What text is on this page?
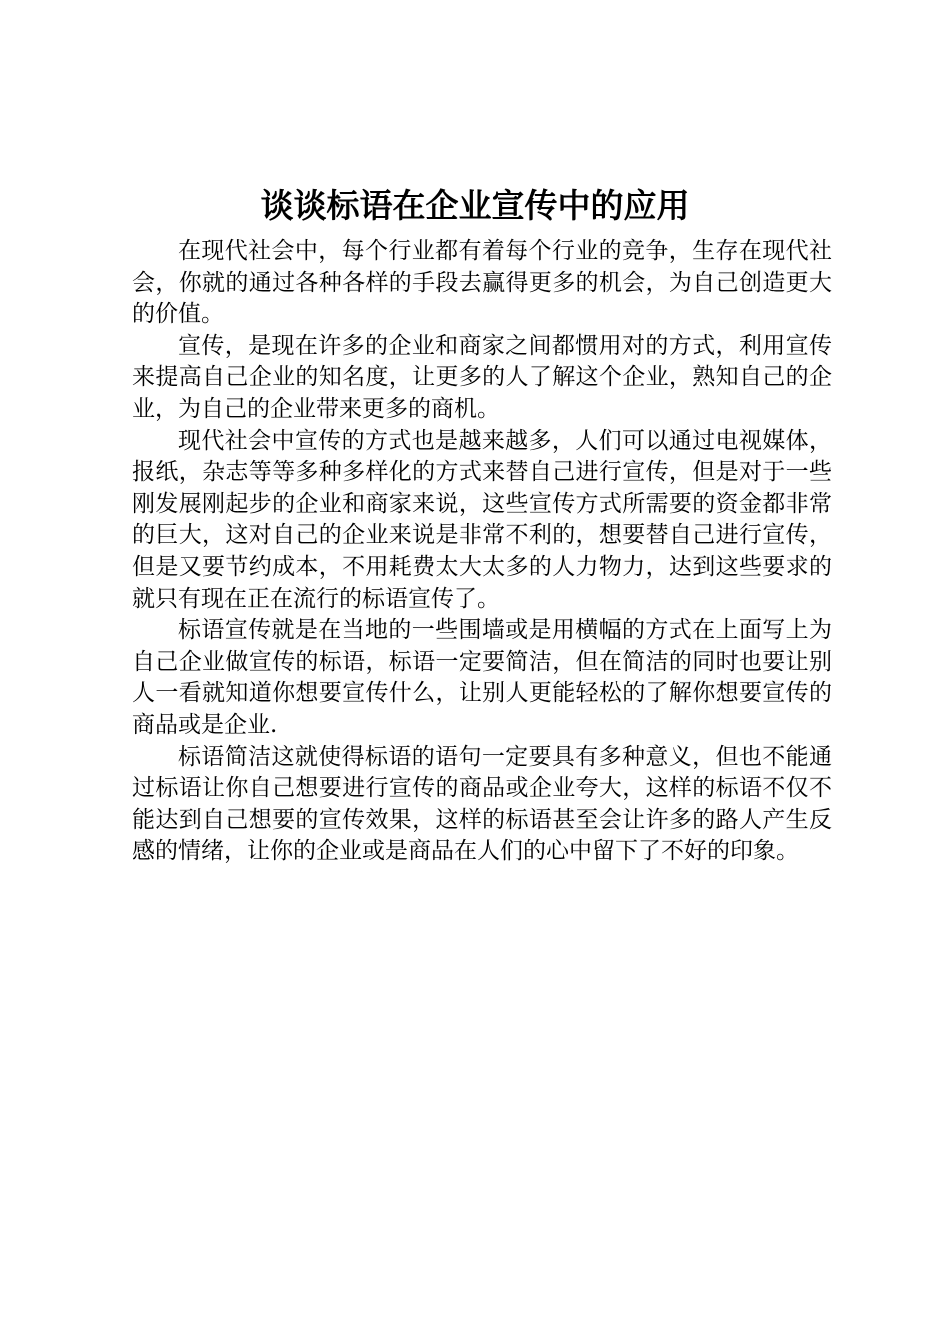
谈谈标语在企业宣传中的应用

在现代社会中，每个行业都有着每个行业的竞争，生存在现代社会，你就的通过各种各样的手段去赢得更多的机会，为自己创造更大的价值。

宣传，是现在许多的企业和商家之间都惯用对的方式，利用宣传来提高自己企业的知名度，让更多的人了解这个企业，熟知自己的企业，为自己的企业带来更多的商机。

现代社会中宣传的方式也是越来越多，人们可以通过电视媒体，报纸，杂志等等多种多样化的方式来替自己进行宣传，但是对于一些刚发展刚起步的企业和商家来说，这些宣传方式所需要的资金都非常的巨大，这对自己的企业来说是非常不利的，想要替自己进行宣传，但是又要节约成本，不用耗费太大太多的人力物力，达到这些要求的就只有现在正在流行的标语宣传了。

标语宣传就是在当地的一些围墙或是用横幅的方式在上面写上为自己企业做宣传的标语，标语一定要简洁，但在简洁的同时也要让别人一看就知道你想要宣传什么，让别人更能轻松的了解你想要宣传的商品或是企业.

标语简洁这就使得标语的语句一定要具有多种意义，但也不能通过标语让你自己想要进行宣传的商品或企业夸大，这样的标语不仅不能达到自己想要的宣传效果，这样的标语甚至会让许多的路人产生反感的情绪，让你的企业或是商品在人们的心中留下了不好的印象。
